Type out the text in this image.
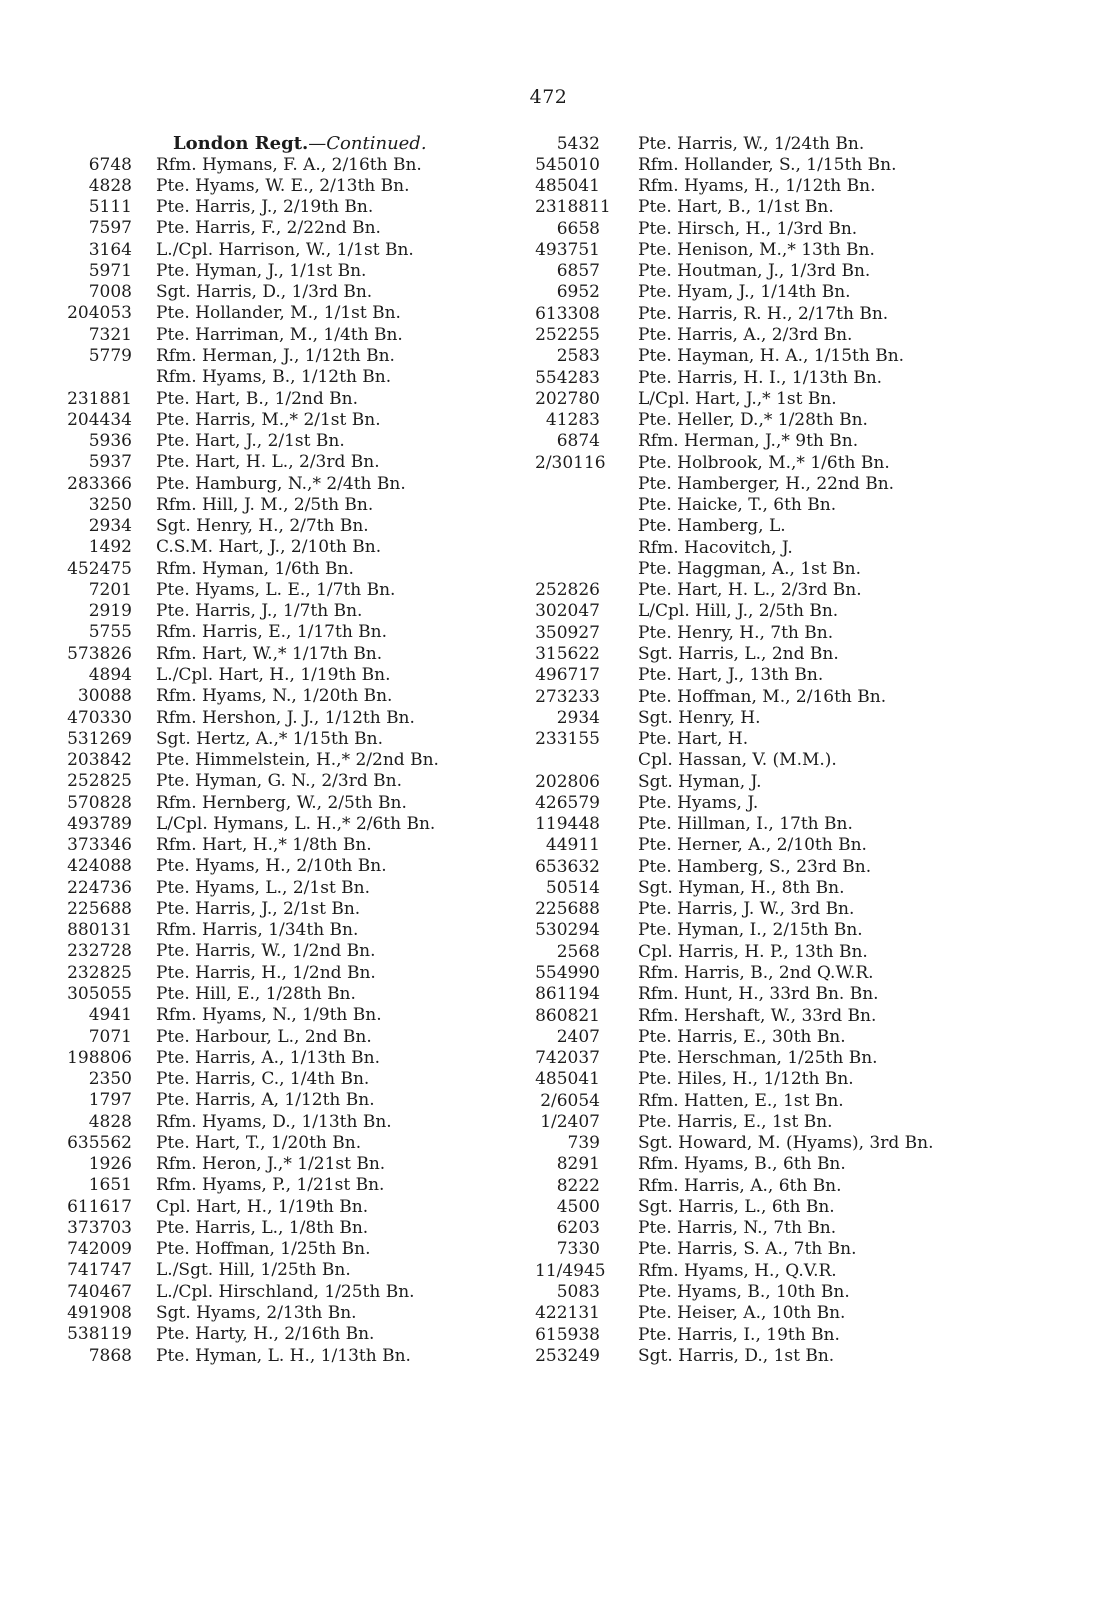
472
London Regt.—Continued.
6748 Rfm. Hymans, F. A., 2/16th Bn.
4828 Pte. Hyams, W. E., 2/13th Bn.
5111 Pte. Harris, J., 2/19th Bn.
7597 Pte. Harris, F., 2/22nd Bn.
3164 L./Cpl. Harrison, W., 1/1st Bn.
5971 Pte. Hyman, J., 1/1st Bn.
7008 Sgt. Harris, D., 1/3rd Bn.
204053 Pte. Hollander, M., 1/1st Bn.
7321 Pte. Harriman, M., 1/4th Bn.
5779 Rfm. Herman, J., 1/12th Bn.
Rfm. Hyams, B., 1/12th Bn.
231881 Pte. Hart, B., 1/2nd Bn.
204434 Pte. Harris, M.,* 2/1st Bn.
5936 Pte. Hart, J., 2/1st Bn.
5937 Pte. Hart, H. L., 2/3rd Bn.
283366 Pte. Hamburg, N.,* 2/4th Bn.
3250 Rfm. Hill, J. M., 2/5th Bn.
2934 Sgt. Henry, H., 2/7th Bn.
1492 C.S.M. Hart, J., 2/10th Bn.
452475 Rfm. Hyman, 1/6th Bn.
7201 Pte. Hyams, L. E., 1/7th Bn.
2919 Pte. Harris, J., 1/7th Bn.
5755 Rfm. Harris, E., 1/17th Bn.
573826 Rfm. Hart, W.,* 1/17th Bn.
4894 L./Cpl. Hart, H., 1/19th Bn.
30088 Rfm. Hyams, N., 1/20th Bn.
470330 Rfm. Hershon, J. J., 1/12th Bn.
531269 Sgt. Hertz, A.,* 1/15th Bn.
203842 Pte. Himmelstein, H.,* 2/2nd Bn.
252825 Pte. Hyman, G. N., 2/3rd Bn.
570828 Rfm. Hernberg, W., 2/5th Bn.
493789 L/Cpl. Hymans, L. H.,* 2/6th Bn.
373346 Rfm. Hart, H.,* 1/8th Bn.
424088 Pte. Hyams, H., 2/10th Bn.
224736 Pte. Hyams, L., 2/1st Bn.
225688 Pte. Harris, J., 2/1st Bn.
880131 Rfm. Harris, 1/34th Bn.
232728 Pte. Harris, W., 1/2nd Bn.
232825 Pte. Harris, H., 1/2nd Bn.
305055 Pte. Hill, E., 1/28th Bn.
4941 Rfm. Hyams, N., 1/9th Bn.
7071 Pte. Harbour, L., 2nd Bn.
198806 Pte. Harris, A., 1/13th Bn.
2350 Pte. Harris, C., 1/4th Bn.
1797 Pte. Harris, A, 1/12th Bn.
4828 Rfm. Hyams, D., 1/13th Bn.
635562 Pte. Hart, T., 1/20th Bn.
1926 Rfm. Heron, J.,* 1/21st Bn.
1651 Rfm. Hyams, P., 1/21st Bn.
611617 Cpl. Hart, H., 1/19th Bn.
373703 Pte. Harris, L., 1/8th Bn.
742009 Pte. Hoffman, 1/25th Bn.
741747 L./Sgt. Hill, 1/25th Bn.
740467 L./Cpl. Hirschland, 1/25th Bn.
491908 Sgt. Hyams, 2/13th Bn.
538119 Pte. Harty, H., 2/16th Bn.
7868 Pte. Hyman, L. H., 1/13th Bn.
5432 Pte. Harris, W., 1/24th Bn.
545010 Rfm. Hollander, S., 1/15th Bn.
485041 Rfm. Hyams, H., 1/12th Bn.
2318811 Pte. Hart, B., 1/1st Bn.
6658 Pte. Hirsch, H., 1/3rd Bn.
493751 Pte. Henison, M.,* 13th Bn.
6857 Pte. Houtman, J., 1/3rd Bn.
6952 Pte. Hyam, J., 1/14th Bn.
613308 Pte. Harris, R. H., 2/17th Bn.
252255 Pte. Harris, A., 2/3rd Bn.
2583 Pte. Hayman, H. A., 1/15th Bn.
554283 Pte. Harris, H. I., 1/13th Bn.
202780 L/Cpl. Hart, J.,* 1st Bn.
41283 Pte. Heller, D.,* 1/28th Bn.
6874 Rfm. Herman, J.,* 9th Bn.
2/30116 Pte. Holbrook, M.,* 1/6th Bn.
Pte. Hamberger, H., 22nd Bn.
Pte. Haicke, T., 6th Bn.
Pte. Hamberg, L.
Rfm. Hacovitch, J.
Pte. Haggman, A., 1st Bn.
252826 Pte. Hart, H. L., 2/3rd Bn.
302047 L/Cpl. Hill, J., 2/5th Bn.
350927 Pte. Henry, H., 7th Bn.
315622 Sgt. Harris, L., 2nd Bn.
496717 Pte. Hart, J., 13th Bn.
273233 Pte. Hoffman, M., 2/16th Bn.
2934 Sgt. Henry, H.
233155 Pte. Hart, H.
Cpl. Hassan, V. (M.M.).
202806 Sgt. Hyman, J.
426579 Pte. Hyams, J.
119448 Pte. Hillman, I., 17th Bn.
44911 Pte. Herner, A., 2/10th Bn.
653632 Pte. Hamberg, S., 23rd Bn.
50514 Sgt. Hyman, H., 8th Bn.
225688 Pte. Harris, J. W., 3rd Bn.
530294 Pte. Hyman, I., 2/15th Bn.
2568 Cpl. Harris, H. P., 13th Bn.
554990 Rfm. Harris, B., 2nd Q.W.R.
861194 Rfm. Hunt, H., 33rd Bn. Bn.
860821 Rfm. Hershaft, W., 33rd Bn.
2407 Pte. Harris, E., 30th Bn.
742037 Pte. Herschman, 1/25th Bn.
485041 Pte. Hiles, H., 1/12th Bn.
2/6054 Rfm. Hatten, E., 1st Bn.
1/2407 Pte. Harris, E., 1st Bn.
739 Sgt. Howard, M. (Hyams), 3rd Bn.
8291 Rfm. Hyams, B., 6th Bn.
8222 Rfm. Harris, A., 6th Bn.
4500 Sgt. Harris, L., 6th Bn.
6203 Pte. Harris, N., 7th Bn.
7330 Pte. Harris, S. A., 7th Bn.
11/4945 Rfm. Hyams, H., Q.V.R.
5083 Pte. Hyams, B., 10th Bn.
422131 Pte. Heiser, A., 10th Bn.
615938 Pte. Harris, I., 19th Bn.
253249 Sgt. Harris, D., 1st Bn.
